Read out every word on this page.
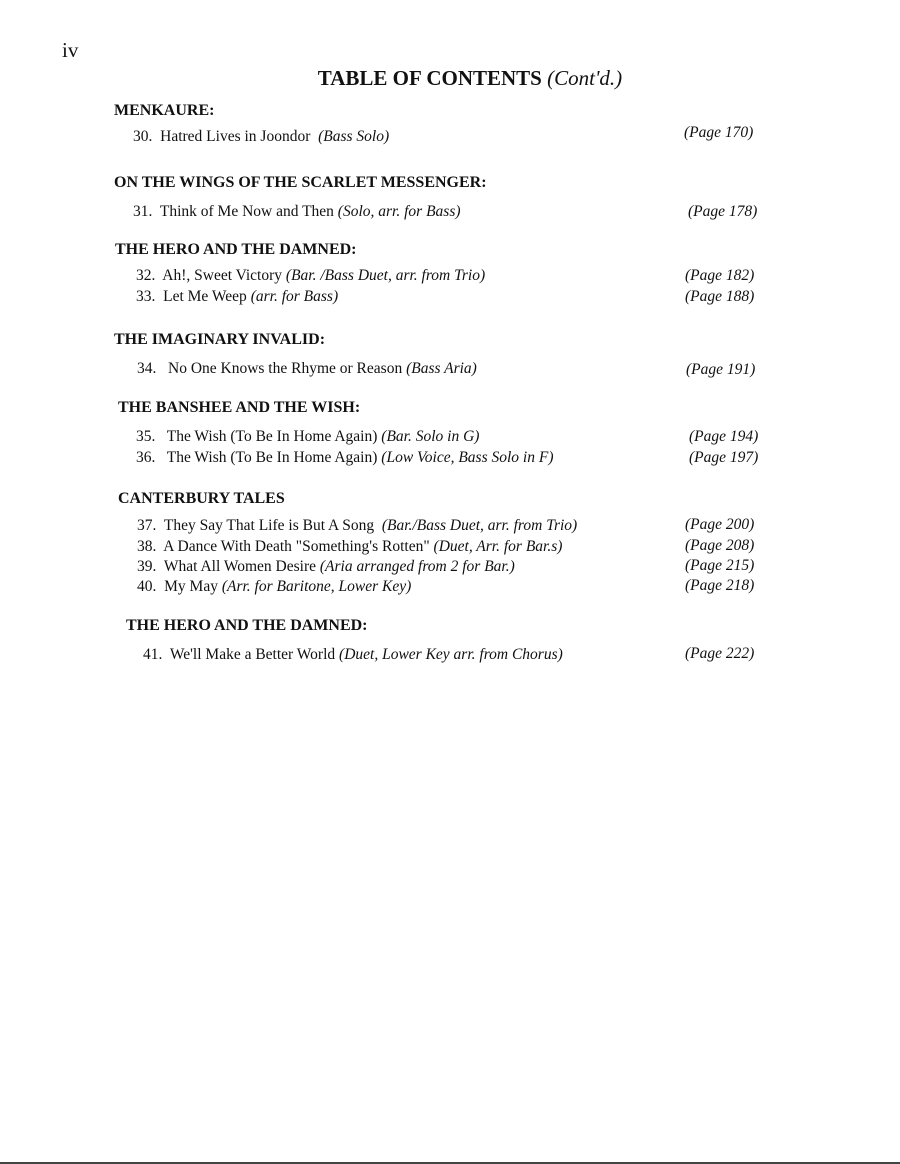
iv
TABLE OF CONTENTS (Cont'd.)
MENKAURE:
30. Hatred Lives in Joondor (Bass Solo)	(Page 170)
ON THE WINGS OF THE SCARLET MESSENGER:
31. Think of Me Now and Then (Solo, arr. for Bass)	(Page 178)
THE HERO AND THE DAMNED:
32. Ah!, Sweet Victory (Bar. /Bass Duet, arr. from Trio)	(Page 182)
33. Let Me Weep (arr. for Bass)	(Page 188)
THE IMAGINARY INVALID:
34. No One Knows the Rhyme or Reason (Bass Aria)	(Page 191)
THE BANSHEE AND THE WISH:
35. The Wish (To Be In Home Again) (Bar. Solo in G)	(Page 194)
36. The Wish (To Be In Home Again) (Low Voice, Bass Solo in F)	(Page 197)
CANTERBURY TALES
37. They Say That Life is But A Song (Bar./Bass Duet, arr. from Trio)	(Page 200)
38. A Dance With Death "Something's Rotten" (Duet, Arr. for Bar.s)	(Page 208)
39. What All Women Desire (Aria arranged from 2 for Bar.)	(Page 215)
40. My May (Arr. for Baritone, Lower Key)	(Page 218)
THE HERO AND THE DAMNED:
41. We'll Make a Better World (Duet, Lower Key arr. from Chorus)	(Page 222)
